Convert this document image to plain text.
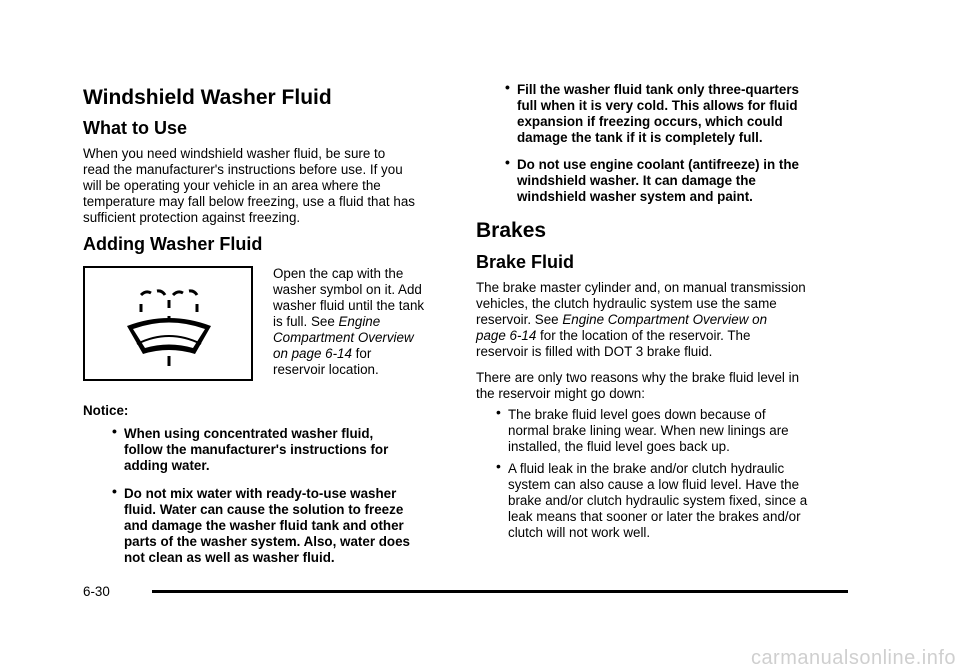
Windshield Washer Fluid
What to Use

When you need windshield washer fluid, be sure to
read the manufacturer's instructions before use. If you
will be operating your vehicle in an area where the
temperature may fall below freezing, use a fluid that has
sufficient protection against freezing.

Adding Washer Fluid

Open the cap with the
washer symbol on it. Add
washer fluid until the tank
is full. See Engine
Compartment Overview
on page 6-14 for
reservoir location.

Notice:

• When using concentrated washer fluid,
follow the manufacturer's instructions for
adding water.
• Do not mix water with ready-to-use washer
fluid. Water can cause the solution to freeze
and damage the washer fluid tank and other
parts of the washer system. Also, water does
not clean as well as washer fluid.
• Fill the washer fluid tank only three-quarters
full when it is very cold. This allows for fluid
expansion if freezing occurs, which could
damage the tank if it is completely full.
• Do not use engine coolant (antifreeze) in the
windshield washer. It can damage the
windshield washer system and paint.
Brakes
Brake Fluid

The brake master cylinder and, on manual transmission
vehicles, the clutch hydraulic system use the same
reservoir. See Engine Compartment Overview on
page 6-14 for the location of the reservoir. The
reservoir is filled with DOT 3 brake fluid.

There are only two reasons why the brake fluid level in
the reservoir might go down:

• The brake fluid level goes down because of
normal brake lining wear. When new linings are
installed, the fluid level goes back up.
• A fluid leak in the brake and/or clutch hydraulic
system can also cause a low fluid level. Have the
brake and/or clutch hydraulic system fixed, since a
leak means that sooner or later the brakes and/or
clutch will not work well.
6-30
carmanualsonline.info
